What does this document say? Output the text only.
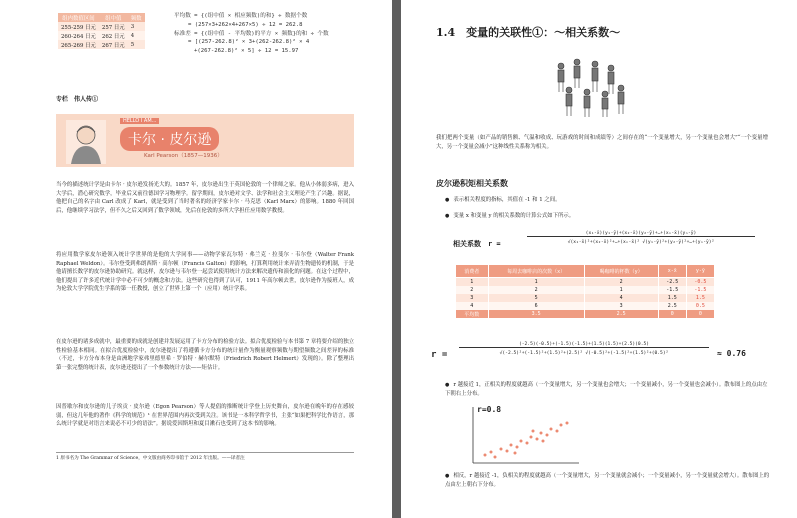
组内数值区间	组中值	频数
255-259 日元	257 日元	3
260-264 日元	262 日元	4
265-269 日元	267 日元	5
平均数 = {(组中值 × 相应频数)的和} ÷ 数据个数
= (257×3+262×4+267×5) ÷ 12 = 262.8
标准差 = {(组中值 - 平均数)的平方 × 频数}的和 ÷ 个数
= [(257-262.8)² × 3+(262-262.8)² × 4
+(267-262.8)² × 5] ÷ 12 = 15.97
专栏　伟人传①
HELLO I AM...
卡尔 · 皮尔逊
Karl Pearson（1857—1936）
当今的描述统计学是由卡尔 · 皮尔逊发扬光大的。1857 年，皮尔逊出生于英国伦敦的一个律师之家。他从小体弱多病，进入大学后，潜心研究数学，毕业后又前往德国学习物理学。留学期间，皮尔逊对文学、法学和社会主义理论产生了兴趣。据说，他把自己的名字由 Carl 改成了 Karl，就是受到了当时著名的经济学家卡尔 · 马克思（Karl Marx）的影响。1880 年回国后，他继续学习法学，但不久之后又回到了数学领域，先后在伦敦的多所大学担任应用数学教授。
将应用数学家皮尔逊领入统计学世界的是他的大学同事——动物学家瓦尔特 · 弗兰克 · 拉斐尔 · 韦尔登（Walter Frank Raphael Weldon）。韦尔登受到弗朗西斯 · 高尔顿（Francis Galton）的影响，打算利用统计来弄清生物遗传的机制，于是他请擅长数学的皮尔逊协助研究。就这样，皮尔逊与韦尔登一起尝试使用统计方法来解决遗传和演化的问题。在这个过程中，他们提出了许多近代统计学中必不可少的概念和方法。这些研究也得到了认可，1911 年高尔顿去世，皮尔逊作为接班人，成为伦敦大学学院优生学系的第一任教授，创立了世界上第一个（应用）统计学系。
在皮尔逊的诸多成就中，最重要的成就是创建并发展运用了卡方分布的检验方法。拟合优度检验与本书第 7 章将要介绍的独立性检验基本相同。在拟合优度检验中，皮尔逊提出了将遵循卡方分布的统计量作为衡量观察频数与期望频数之间差异的标准（不过，卡方分布本身是由洲地学家弗里德里希 · 罗伯特 · 赫尔默特（Friedrich Robert Helmert）发现的）。除了整理出第一张完整的统计表，皮尔逊还提出了一个参数统计方法——矩估计。
因普歇尔和皮尔逊的儿子埃贡 · 皮尔逊（Egon Pearson）等人提倡的推断统计学登上历史舞台，皮尔逊在晚年的存在感较弱，但这几年他的著作《科学的规范》¹ 在世界范围内再次受到关注。该书是一本科学哲学书，主张“如果把科学比作语言，那么统计学就是对语言来说必不可少的语法”。据说爱因斯坦和夏目漱石也受到了这本书的影响。
1 原书名为 The Grammar of Science，中文版由商务印书馆于 2012 年出版。——译者注
1.4　变量的关联性①：～相关系数～
我们把两个变量（如产品的销售额、气温和收成、玩游戏的时间和成绩等）之间存在的“一个变量增大，另一个变量也会增大”“一个变量增大，另一个变量会减小”这种线性关系称为相关。
皮尔逊积矩相关系数
● 表示相关程度的指标，其值在 -1 和 1 之间。
● 变量 x 和变量 y 的相关系数的计算公式如下所示。
相关系数　r =
(x₁-x̄)(y₁-ȳ)+(x₂-x̄)(y₂-ȳ)+…+(xₙ-x̄)(yₙ-ȳ)
√(x₁-x̄)²+(x₂-x̄)²+…+(xₙ-x̄)² √(y₁-ȳ)²+(y₂-ȳ)²+…+(yₙ-ȳ)²
消费者	每周去咖啡店的次数（x）	喝咖啡的杯数（y）	x-x̄	y-ȳ
1	1	2	-2.5	-0.5
2	2	1	-1.5	-1.5
3	5	4	1.5	1.5
4	6	3	2.5	0.5
平均数	3.5	2.5	0	0
r =
(-2.5)(-0.5)+(-1.5)(-1.5)+(1.5)(1.5)+(2.5)(0.5)
√(-2.5)²+(-1.5)²+(1.5)²+(2.5)² √(-0.5)²+(-1.5)²+(1.5)²+(0.5)²	≈ 0.76
● r 越接近 1，正相关的程度就越高（一个变量增大，另一个变量也会增大；一个变量减小，另一个变量也会减小）。散布图上的点由左下朝右上分布。
r=0.8
● 相反，r 越接近 -1，负相关的程度就越高（一个变量增大，另一个变量就会减小；一个变量减小，另一个变量就会增大）。散布图上的点由左上朝右下分布。
